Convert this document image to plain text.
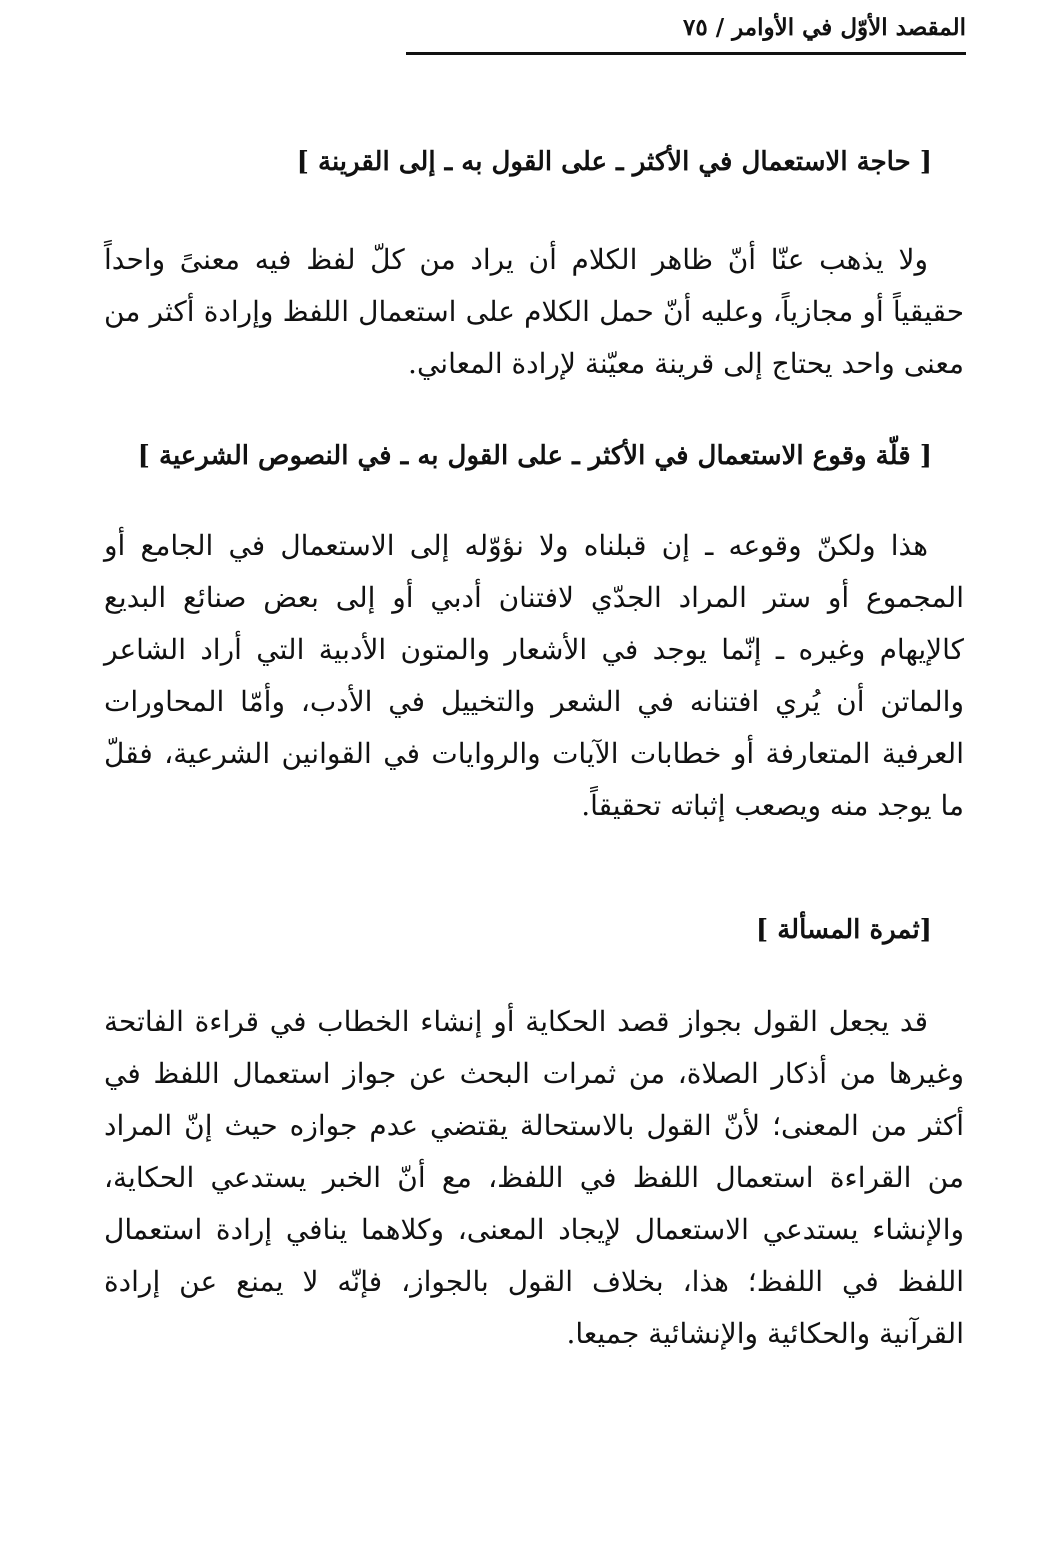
المقصد الأوّل في الأوامر / ٧٥
[ حاجة الاستعمال في الأكثر ـ على القول به ـ إلى القرينة ]
ولا يذهب عنّا أنّ ظاهر الكلام أن يراد من كلّ لفظ فيه معنىً واحداً
حقيقياً أو مجازياً، وعليه أنّ حمل الكلام على استعمال اللفظ وإرادة أكثر من
معنى واحد يحتاج إلى قرينة معيّنة لإرادة المعاني.
[ قلّة وقوع الاستعمال في الأكثر ـ على القول به ـ في النصوص الشرعية ]
هذا ولكنّ وقوعه ـ إن قبلناه ولا نؤوّله إلى الاستعمال في الجامع أو
المجموع أو ستر المراد الجدّي لافتنان أدبي أو إلى بعض صنائع البديع
كالإيهام وغيره ـ إنّما يوجد في الأشعار والمتون الأدبية التي أراد الشاعر
والماتن أن يُري افتنانه في الشعر والتخييل في الأدب، وأمّا المحاورات
العرفية المتعارفة أو خطابات الآيات والروايات في القوانين الشرعية، فقلّ
ما يوجد منه ويصعب إثباته تحقيقاً.
[ثمرة المسألة ]
قد يجعل القول بجواز قصد الحكاية أو إنشاء الخطاب في قراءة الفاتحة
وغيرها من أذكار الصلاة، من ثمرات البحث عن جواز استعمال اللفظ في
أكثر من المعنى؛ لأنّ القول بالاستحالة يقتضي عدم جوازه حيث إنّ المراد
من القراءة استعمال اللفظ في اللفظ، مع أنّ الخبر يستدعي الحكاية،
والإنشاء يستدعي الاستعمال لإيجاد المعنى، وكلاهما ينافي إرادة استعمال
اللفظ في اللفظ؛ هذا، بخلاف القول بالجواز، فإنّه لا يمنع عن إرادة
القرآنية والحكائية والإنشائية جميعا.
